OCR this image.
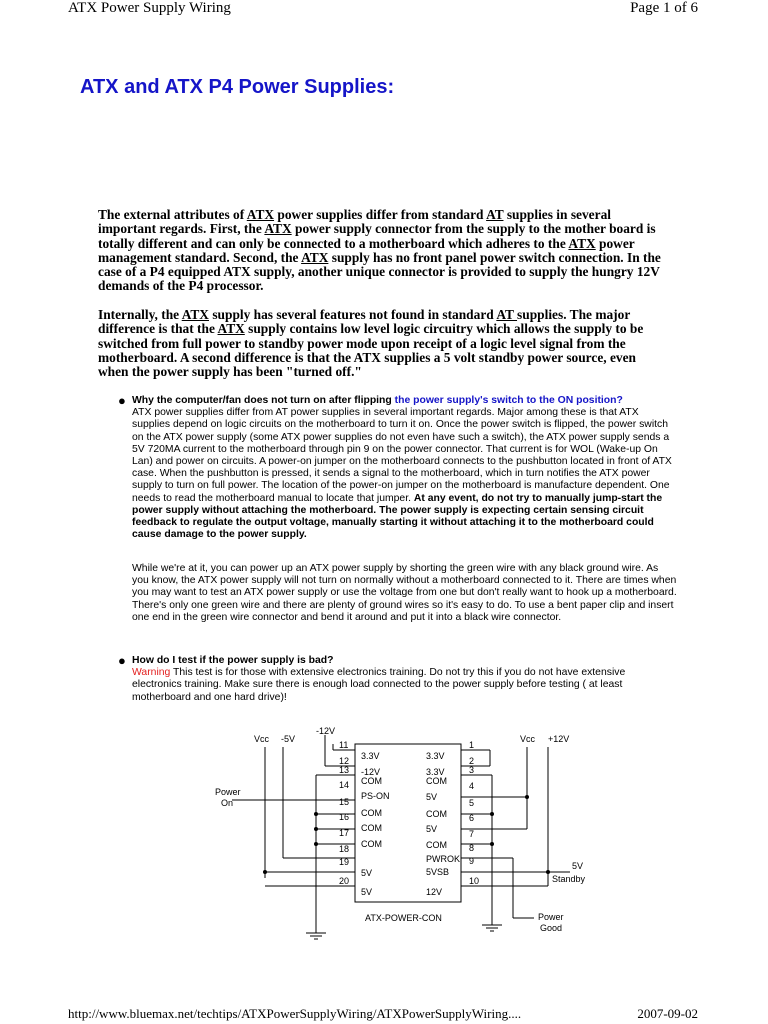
ATX Power Supply Wiring	Page 1 of 6
ATX and ATX P4 Power Supplies:

The external attributes of ATX power supplies differ from standard AT supplies in several important regards. First, the ATX power supply connector from the supply to the mother board is totally different and can only be connected to a motherboard which adheres to the ATX power management standard. Second, the ATX supply has no front panel power switch connection. In the case of a P4 equipped ATX supply, another unique connector is provided to supply the hungry 12V demands of the P4 processor.

Internally, the ATX supply has several features not found in standard AT supplies. The major difference is that the ATX supply contains low level logic circuitry which allows the supply to be switched from full power to standby power mode upon receipt of a logic level signal from the motherboard. A second difference is that the ATX supplies a 5 volt standby power source, even when the power supply has been "turned off."

● Why the computer/fan does not turn on after flipping the power supply's switch to the ON position?
ATX power supplies differ from AT power supplies in several important regards. Major among these is that ATX supplies depend on logic circuits on the motherboard to turn it on. Once the power switch is flipped, the power switch on the ATX power supply (some ATX power supplies do not even have such a switch), the ATX power supply sends a 5V 720MA current to the motherboard through pin 9 on the power connector. That current is for WOL (Wake-up On Lan) and power on circuits. A power-on jumper on the motherboard connects to the pushbutton located in front of ATX case. When the pushbutton is pressed, it sends a signal to the motherboard, which in turn notifies the ATX power supply to turn on full power. The location of the power-on jumper on the motherboard is manufacture dependent. One needs to read the motherboard manual to locate that jumper. At any event, do not try to manually jump-start the power supply without attaching the motherboard. The power supply is expecting certain sensing circuit feedback to regulate the output voltage, manually starting it without attaching it to the motherboard could cause damage to the power supply.

While we're at it, you can power up an ATX power supply by shorting the green wire with any black ground wire. As you know, the ATX power supply will not turn on normally without a motherboard connected to it. There are times when you may want to test an ATX power supply or use the voltage from one but don't really want to hook up a motherboard. There's only one green wire and there are plenty of ground wires so it's easy to do. To use a bent paper clip and insert one end in the green wire connector and bend it around and put it into a black wire connector.

● How do I test if the power supply is bad?
Warning This test is for those with extensive electronics training. Do not try this if you do not have extensive electronics training. Make sure there is enough load connected to the power supply before testing ( at least motherboard and one hard drive)!

Vcc -5V
-12V
Vcc +12V
Power
On
5V
Standby
Power
Good
ATX-POWER-CON
11
3.3V
12
-12V
13
COM
14
PS-ON
15
COM
16
COM
17
COM
18
19
5V
20
5V
1
3.3V	2
3.3V	3
COM 4
5V
5
COM 6
5V	7
COM 8
PWROK 9
5VSB
10
12V
http://www.bluemax.net/techtips/ATXPowerSupplyWiring/ATXPowerSupplyWiring....	2007-09-02
